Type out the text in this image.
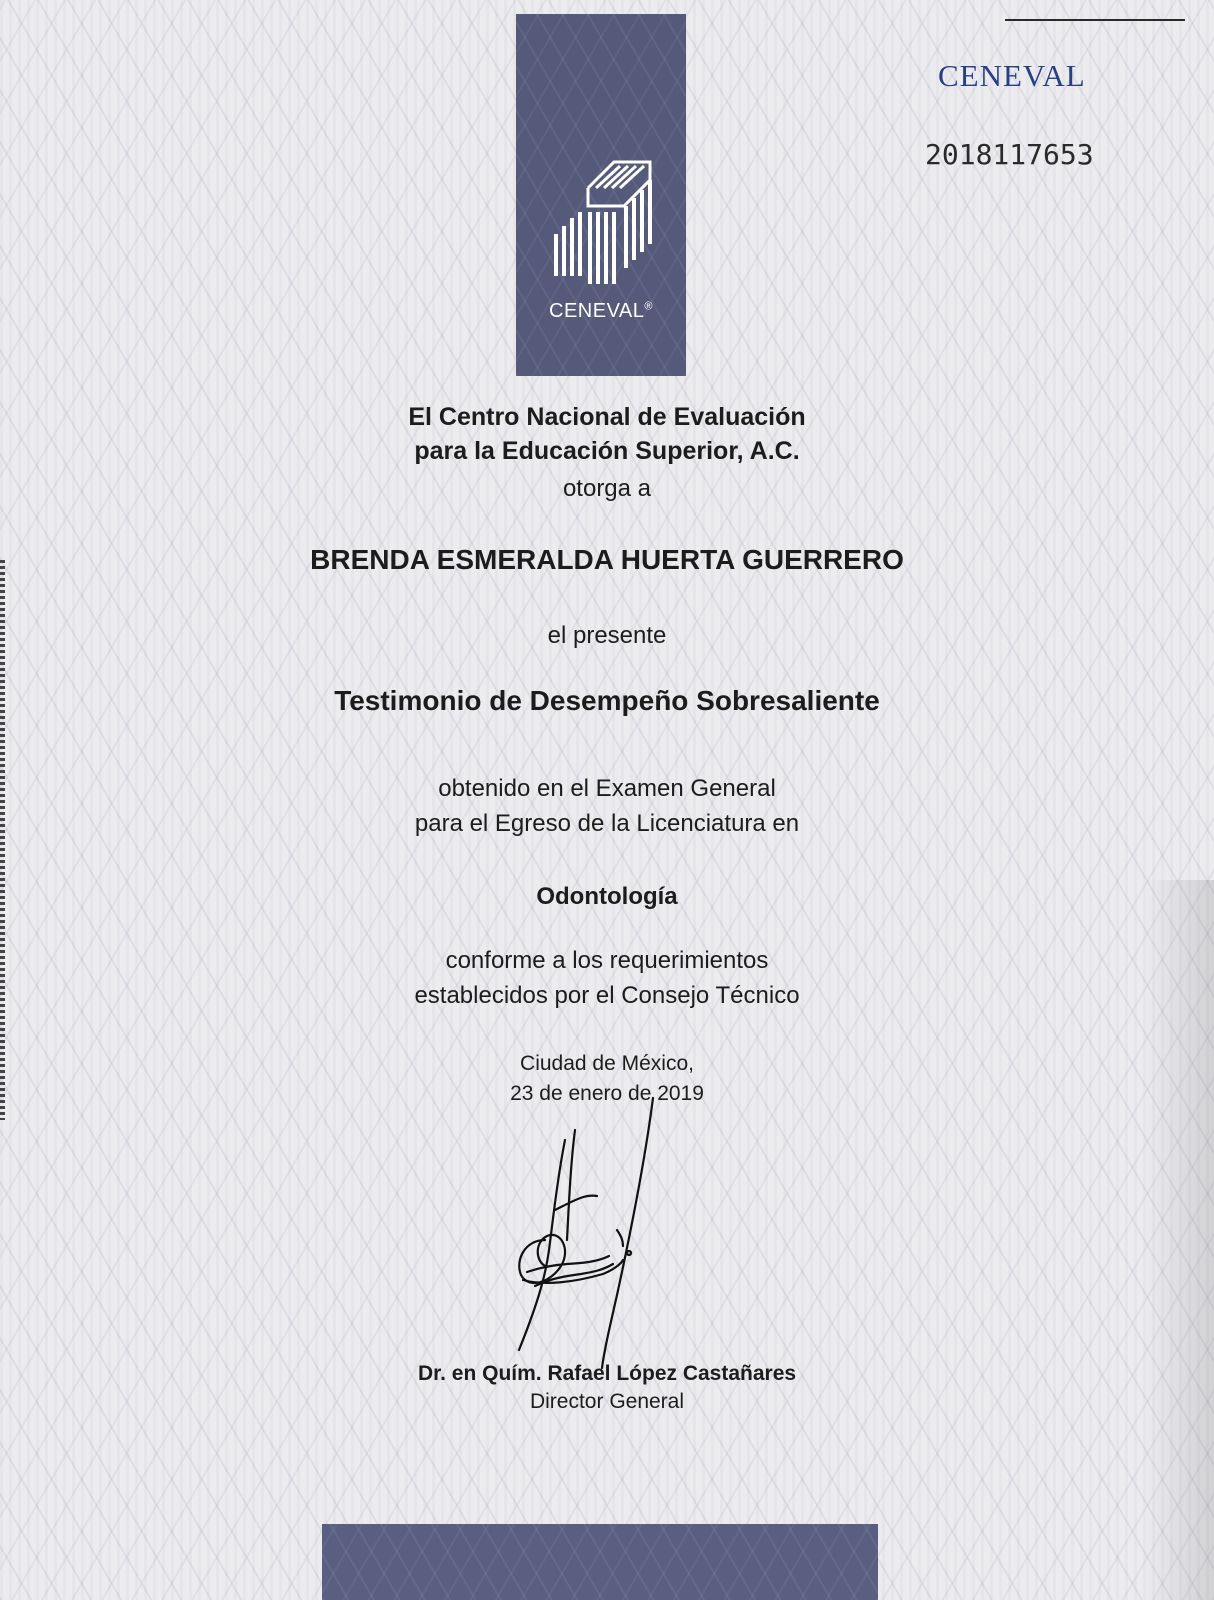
CENEVAL®
CENEVAL
2018117653
El Centro Nacional de Evaluación
para la Educación Superior, A.C.
otorga a
BRENDA ESMERALDA HUERTA GUERRERO
el presente
Testimonio de Desempeño Sobresaliente
obtenido en el Examen General
para el Egreso de la Licenciatura en
Odontología
conforme a los requerimientos
establecidos por el Consejo Técnico
Ciudad de México,
23 de enero de 2019
Dr. en Quím. Rafael López Castañares
Director General
